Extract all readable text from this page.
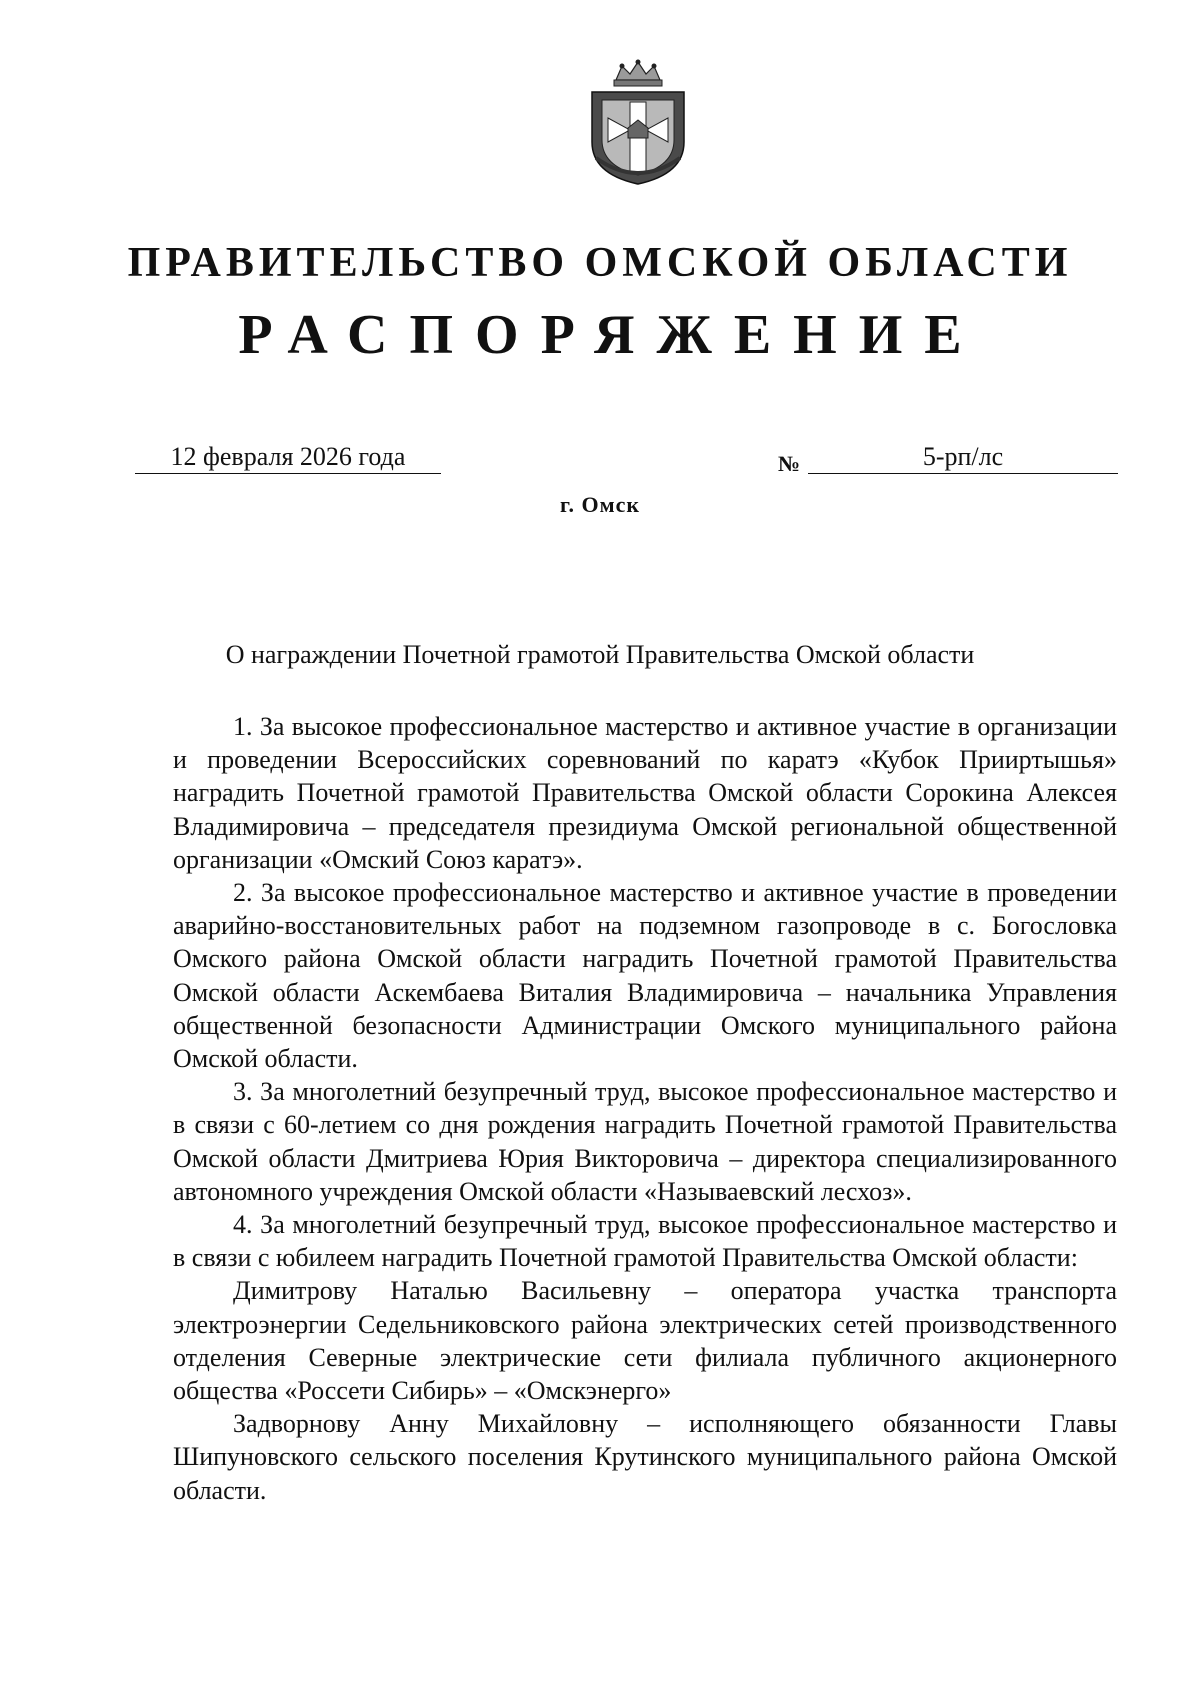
ПРАВИТЕЛЬСТВО ОМСКОЙ ОБЛАСТИ
РАСПОРЯЖЕНИЕ
12 февраля 2026 года	№	5-рп/лс
г. Омск
О награждении Почетной грамотой Правительства Омской области

1. За высокое профессиональное мастерство и активное участие в организации и проведении Всероссийских соревнований по каратэ «Кубок Прииртышья» наградить Почетной грамотой Правительства Омской области Сорокина Алексея Владимировича – председателя президиума Омской региональной общественной организации «Омский Союз каратэ».

2. За высокое профессиональное мастерство и активное участие в проведении аварийно-восстановительных работ на подземном газопроводе в с. Богословка Омского района Омской области наградить Почетной грамотой Правительства Омской области Аскембаева Виталия Владимировича – начальника Управления общественной безопасности Администрации Омского муниципального района Омской области.

3. За многолетний безупречный труд, высокое профессиональное мастерство и в связи с 60-летием со дня рождения наградить Почетной грамотой Правительства Омской области Дмитриева Юрия Викторовича – директора специализированного автономного учреждения Омской области «Называевский лесхоз».

4. За многолетний безупречный труд, высокое профессиональное мастерство и в связи с юбилеем наградить Почетной грамотой Правительства Омской области:

Димитрову Наталью Васильевну – оператора участка транспорта электроэнергии Седельниковского района электрических сетей производственного отделения Северные электрические сети филиала публичного акционерного общества «Россети Сибирь» – «Омскэнерго»

Задворнову Анну Михайловну – исполняющего обязанности Главы Шипуновского сельского поселения Крутинского муниципального района Омской области.
